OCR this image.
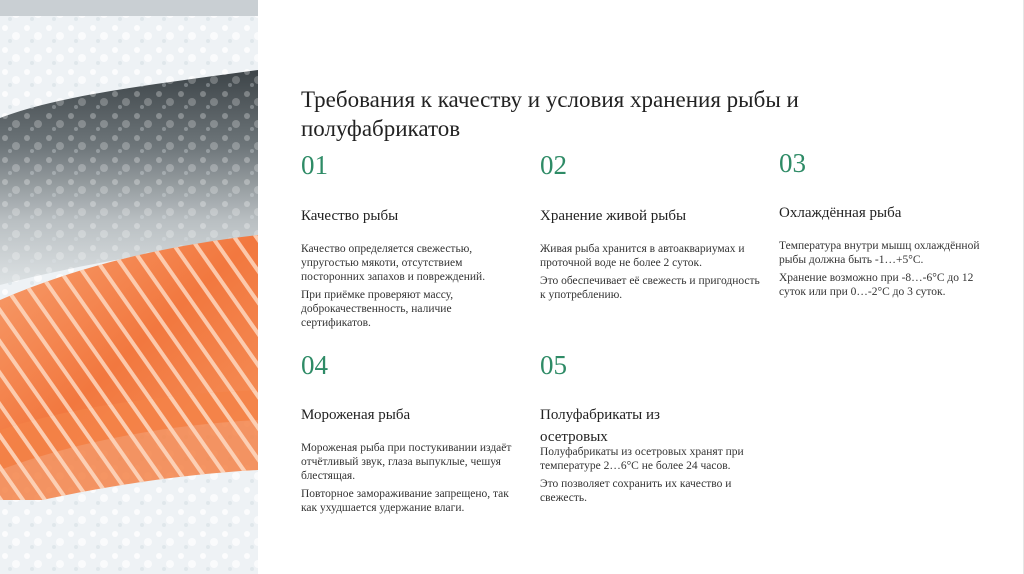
Требования к качеству и условия хранения рыбы и полуфабрикатов
01
Качество рыбы
Качество определяется свежестью, упругостью мякоти, отсутствием посторонних запахов и повреждений.
При приёмке проверяют массу, доброкачественность, наличие сертификатов.
02
Хранение живой рыбы
Живая рыба хранится в автоаквариумах и проточной воде не более 2 суток.
Это обеспечивает её свежесть и пригодность к употреблению.
03
Охлаждённая рыба
Температура внутри мышц охлаждённой рыбы должна быть -1…+5°C.
Хранение возможно при -8…-6°C до 12 суток или при 0…-2°C до 3 суток.
04
Мороженая рыба
Мороженая рыба при постукивании издаёт отчётливый звук, глаза выпуклые, чешуя блестящая.
Повторное замораживание запрещено, так как ухудшается удержание влаги.
05
Полуфабрикаты из осетровых
Полуфабрикаты из осетровых хранят при температуре 2…6°C не более 24 часов.
Это позволяет сохранить их качество и свежесть.
